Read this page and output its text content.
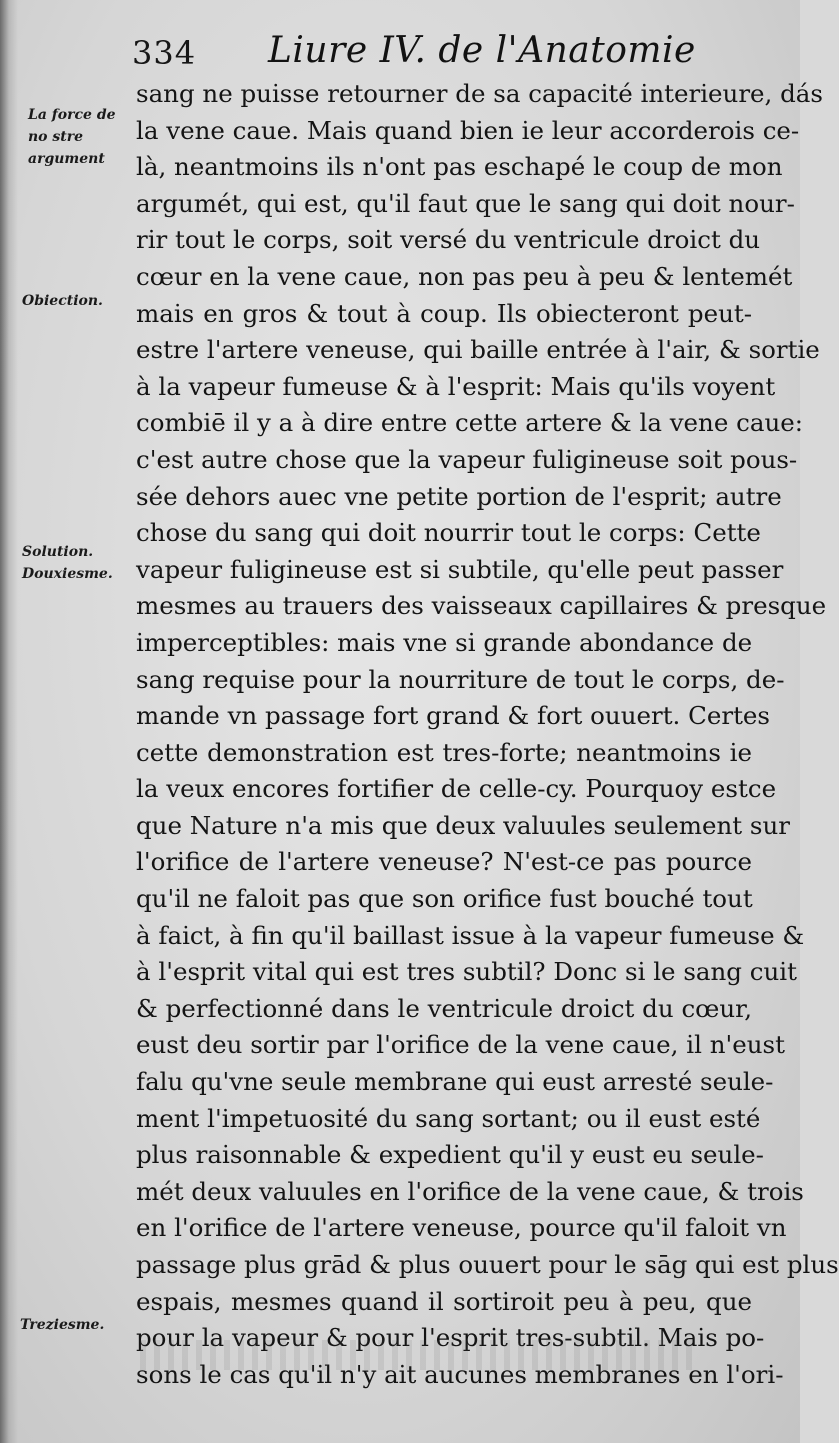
334 Liure IV. de l'Anatomie
La force de no stre argument
Obiection.
Solution.
Douxiesme.
Treziesme.
sang ne puisse retourner de sa capacité interieure, dás
la vene caue. Mais quand bien ie leur accorderois ce-
là, neantmoins ils n'ont pas eschapé le coup de mon
argumét, qui est, qu'il faut que le sang qui doit nour-
rir tout le corps, soit versé du ventricule droict du
cœur en la vene caue, non pas peu à peu & lentemét
mais en gros & tout à coup. Ils obiecteront peut-
estre l'artere veneuse, qui baille entrée à l'air, & sortie
à la vapeur fumeuse & à l'esprit: Mais qu'ils voyent
combiē il y a à dire entre cette artere & la vene caue:
c'est autre chose que la vapeur fuligineuse soit pous-
sée dehors auec vne petite portion de l'esprit; autre
chose du sang qui doit nourrir tout le corps: Cette
vapeur fuligineuse est si subtile, qu'elle peut passer
mesmes au trauers des vaisseaux capillaires & presque
imperceptibles: mais vne si grande abondance de
sang requise pour la nourriture de tout le corps, de-
mande vn passage fort grand & fort ouuert. Certes
cette demonstration est tres-forte; neantmoins ie
la veux encores fortifier de celle-cy. Pourquoy estce
que Nature n'a mis que deux valuules seulement sur
l'orifice de l'artere veneuse? N'est-ce pas pource
qu'il ne faloit pas que son orifice fust bouché tout
à faict, à fin qu'il baillast issue à la vapeur fumeuse &
à l'esprit vital qui est tres subtil? Donc si le sang cuit
& perfectionné dans le ventricule droict du cœur,
eust deu sortir par l'orifice de la vene caue, il n'eust
falu qu'vne seule membrane qui eust arresté seule-
ment l'impetuosité du sang sortant; ou il eust esté
plus raisonnable & expedient qu'il y eust eu seule-
mét deux valuules en l'orifice de la vene caue, & trois
en l'orifice de l'artere veneuse, pource qu'il faloit vn
passage plus grād & plus ouuert pour le sāg qui est plus
espais, mesmes quand il sortiroit peu à peu, que
pour la vapeur & pour l'esprit tres-subtil. Mais po-
sons le cas qu'il n'y ait aucunes membranes en l'ori-
